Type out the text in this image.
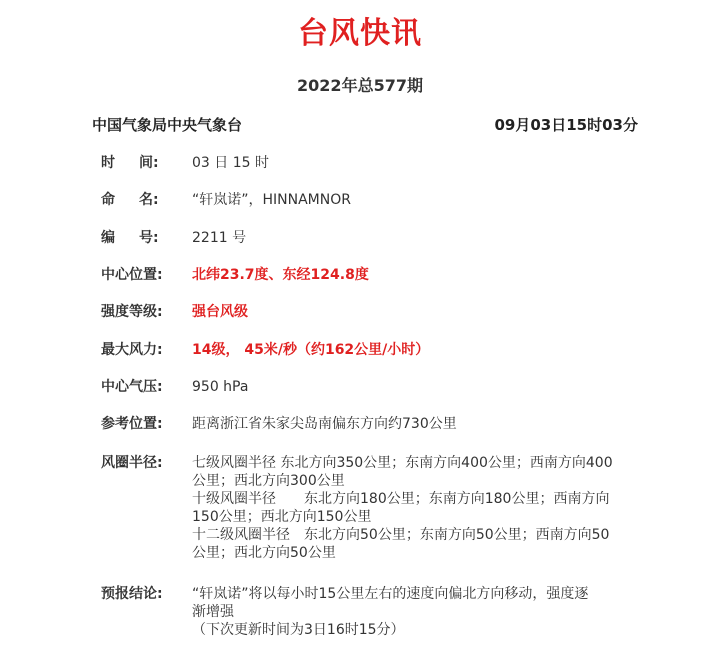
台风快讯
2022年总577期
中国气象局中央气象台	09月03日15时03分
时 间:	03 日 15 时
命 名:	“轩岚诺”，HINNAMNOR
编 号:	2211 号
中心位置:	北纬23.7度、东经124.8度
强度等级:	强台风级
最大风力:	14级， 45米/秒（约162公里/小时）
中心气压:	950 hPa
参考位置:	距离浙江省朱家尖岛南偏东方向约730公里
风圈半径:	七级风圈半径 东北方向350公里；东南方向400公里；西南方向400
公里；西北方向300公里
十级风圈半径　　东北方向180公里；东南方向180公里；西南方向
150公里；西北方向150公里
十二级风圈半径　东北方向50公里；东南方向50公里；西南方向50
公里；西北方向50公里
预报结论:	“轩岚诺”将以每小时15公里左右的速度向偏北方向移动，强度逐
渐增强
（下次更新时间为3日16时15分）
